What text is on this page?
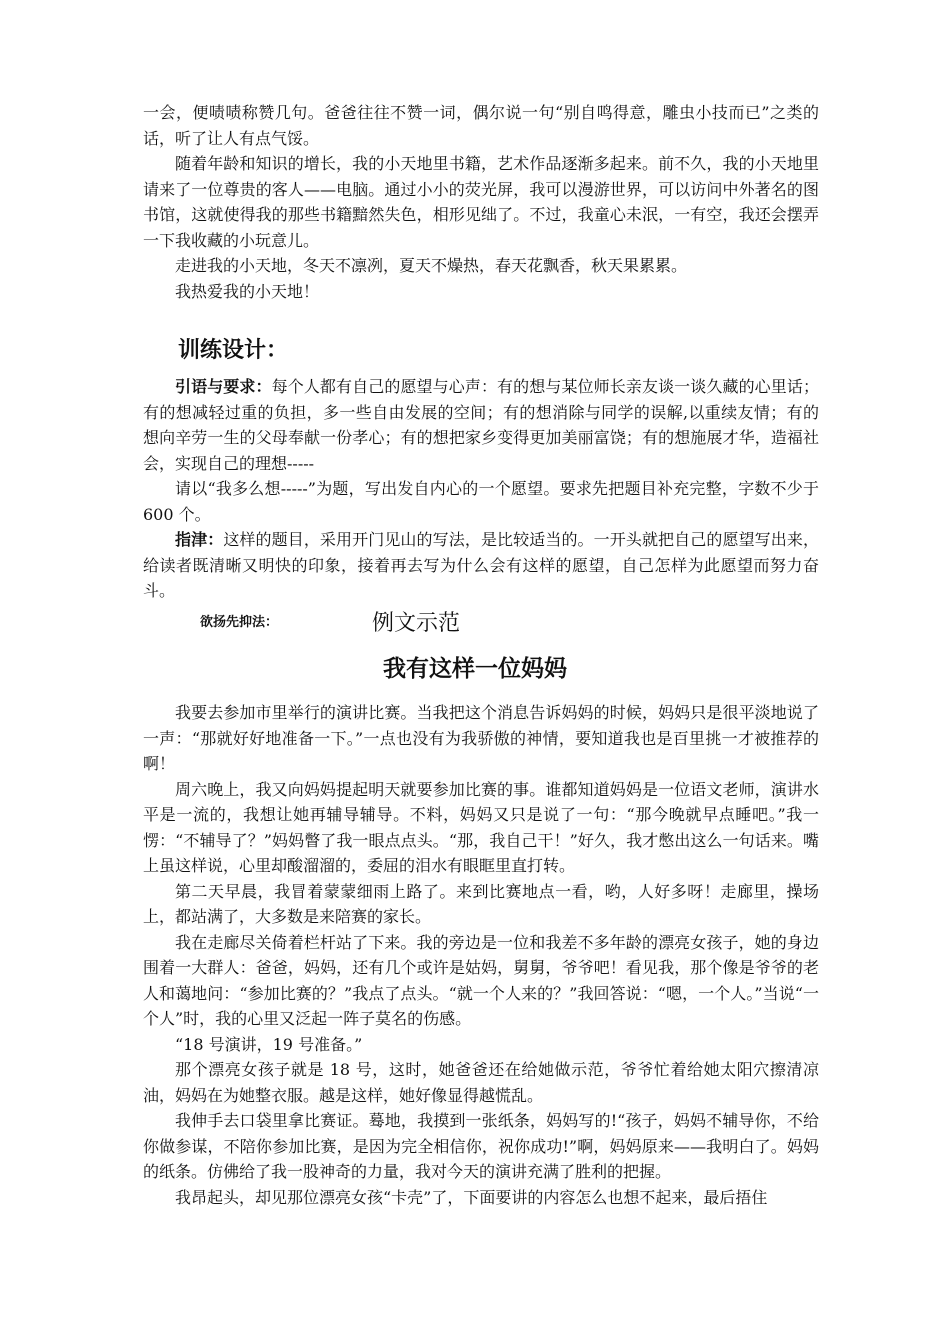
一会，便啧啧称赞几句。爸爸往往不赞一词，偶尔说一句“别自鸣得意，雕虫小技而已”之类的话，听了让人有点气馁。

随着年龄和知识的增长，我的小天地里书籍，艺术作品逐渐多起来。前不久，我的小天地里请来了一位尊贵的客人——电脑。通过小小的荧光屏，我可以漫游世界，可以访问中外著名的图书馆，这就使得我的那些书籍黯然失色，相形见绌了。不过，我童心未泯，一有空，我还会摆弄一下我收藏的小玩意儿。

走进我的小天地，冬天不凛冽，夏天不燥热，春天花飘香，秋天果累累。

我热爱我的小天地！

训练设计：

引语与要求：每个人都有自己的愿望与心声：有的想与某位师长亲友谈一谈久藏的心里话；有的想减轻过重的负担，多一些自由发展的空间；有的想消除与同学的误解,以重续友情；有的想向辛劳一生的父母奉献一份孝心；有的想把家乡变得更加美丽富饶；有的想施展才华，造福社会，实现自己的理想-----

请以“我多么想-----”为题，写出发自内心的一个愿望。要求先把题目补充完整，字数不少于 600 个。

指津：这样的题目，采用开门见山的写法，是比较适当的。一开头就把自己的愿望写出来，给读者既清晰又明快的印象，接着再去写为什么会有这样的愿望，自己怎样为此愿望而努力奋斗。

欲扬先抑法：	例文示范
我有这样一位妈妈

我要去参加市里举行的演讲比赛。当我把这个消息告诉妈妈的时候，妈妈只是很平淡地说了一声：“那就好好地准备一下。”一点也没有为我骄傲的神情，要知道我也是百里挑一才被推荐的啊！

周六晚上，我又向妈妈提起明天就要参加比赛的事。谁都知道妈妈是一位语文老师，演讲水平是一流的，我想让她再辅导辅导。不料，妈妈又只是说了一句：“那今晚就早点睡吧。”我一愣：“不辅导了？”妈妈瞥了我一眼点点头。“那，我自己干！”好久，我才憋出这么一句话来。嘴上虽这样说，心里却酸溜溜的，委屈的泪水有眼眶里直打转。

第二天早晨，我冒着蒙蒙细雨上路了。来到比赛地点一看，哟，人好多呀！走廊里，操场上，都站满了，大多数是来陪赛的家长。

我在走廊尽关倚着栏杆站了下来。我的旁边是一位和我差不多年龄的漂亮女孩子，她的身边围着一大群人：爸爸，妈妈，还有几个或许是姑妈，舅舅，爷爷吧！看见我，那个像是爷爷的老人和蔼地问：“参加比赛的？”我点了点头。“就一个人来的？”我回答说：“嗯，一个人。”当说“一个人”时，我的心里又泛起一阵子莫名的伤感。

“18 号演讲，19 号准备。”

那个漂亮女孩子就是 18 号，这时，她爸爸还在给她做示范，爷爷忙着给她太阳穴擦清凉油，妈妈在为她整衣服。越是这样，她好像显得越慌乱。

我伸手去口袋里拿比赛证。蓦地，我摸到一张纸条，妈妈写的!“孩子，妈妈不辅导你，不给你做参谋，不陪你参加比赛，是因为完全相信你，祝你成功!”啊，妈妈原来——我明白了。妈妈的纸条。仿佛给了我一股神奇的力量，我对今天的演讲充满了胜利的把握。

我昂起头，却见那位漂亮女孩“卡壳”了，下面要讲的内容怎么也想不起来，最后捂住
